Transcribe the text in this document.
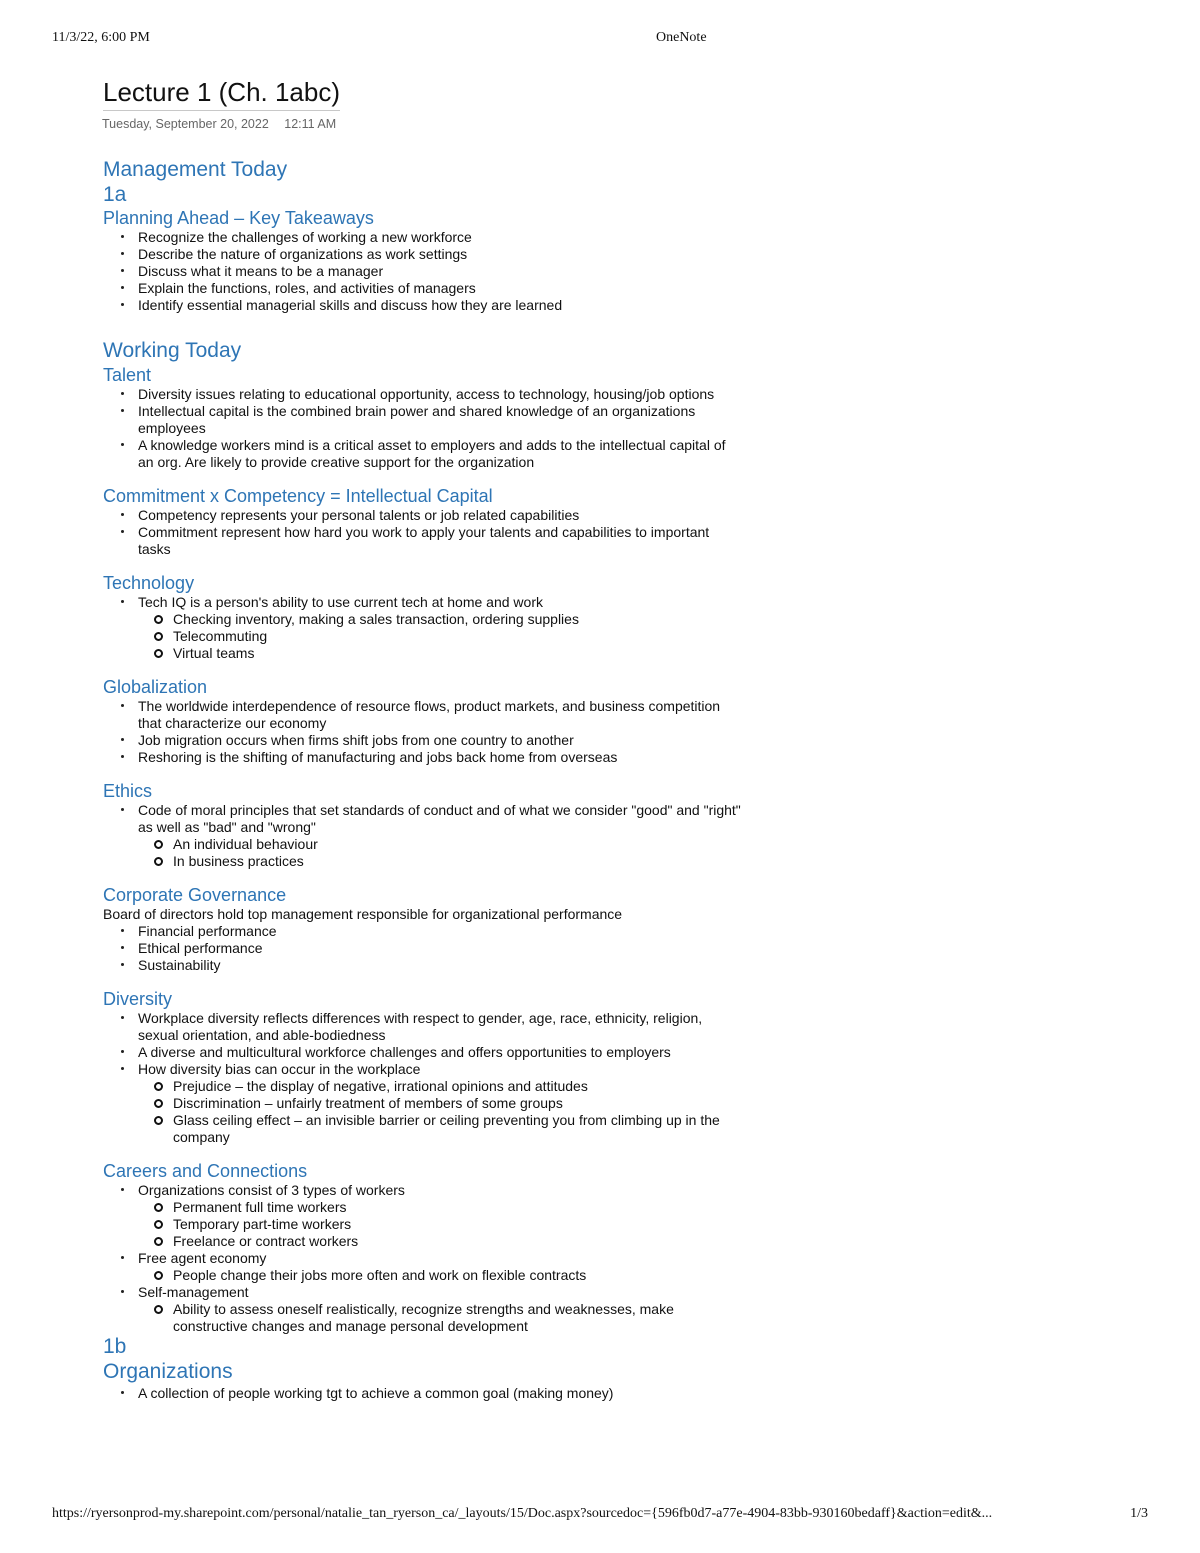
11/3/22, 6:00 PM	OneNote
Lecture 1 (Ch. 1abc)
Tuesday, September 20, 2022 12:11 AM
Management Today
1a
Planning Ahead – Key Takeaways
Recognize the challenges of working a new workforce
Describe the nature of organizations as work settings
Discuss what it means to be a manager
Explain the functions, roles, and activities of managers
Identify essential managerial skills and discuss how they are learned
Working Today
Talent
Diversity issues relating to educational opportunity, access to technology, housing/job options
Intellectual capital is the combined brain power and shared knowledge of an organizations employees
A knowledge workers mind is a critical asset to employers and adds to the intellectual capital of an org. Are likely to provide creative support for the organization
Commitment x Competency = Intellectual Capital
Competency represents your personal talents or job related capabilities
Commitment represent how hard you work to apply your talents and capabilities to important tasks
Technology
Tech IQ is a person's ability to use current tech at home and work
Checking inventory, making a sales transaction, ordering supplies
Telecommuting
Virtual teams
Globalization
The worldwide interdependence of resource flows, product markets, and business competition that characterize our economy
Job migration occurs when firms shift jobs from one country to another
Reshoring is the shifting of manufacturing and jobs back home from overseas
Ethics
Code of moral principles that set standards of conduct and of what we consider "good" and "right" as well as "bad" and "wrong"
An individual behaviour
In business practices
Corporate Governance

Board of directors hold top management responsible for organizational performance

Financial performance
Ethical performance
Sustainability
Diversity
Workplace diversity reflects differences with respect to gender, age, race, ethnicity, religion, sexual orientation, and able-bodiedness
A diverse and multicultural workforce challenges and offers opportunities to employers
How diversity bias can occur in the workplace
Prejudice – the display of negative, irrational opinions and attitudes
Discrimination – unfairly treatment of members of some groups
Glass ceiling effect – an invisible barrier or ceiling preventing you from climbing up in the company
Careers and Connections
Organizations consist of 3 types of workers
Permanent full time workers
Temporary part-time workers
Freelance or contract workers
Free agent economy
People change their jobs more often and work on flexible contracts
Self-management
Ability to assess oneself realistically, recognize strengths and weaknesses, make constructive changes and manage personal development
1b
Organizations
A collection of people working tgt to achieve a common goal (making money)
https://ryersonprod-my.sharepoint.com/personal/natalie_tan_ryerson_ca/_layouts/15/Doc.aspx?sourcedoc={596fb0d7-a77e-4904-83bb-930160bedaff}&action=edit&...	1/3
